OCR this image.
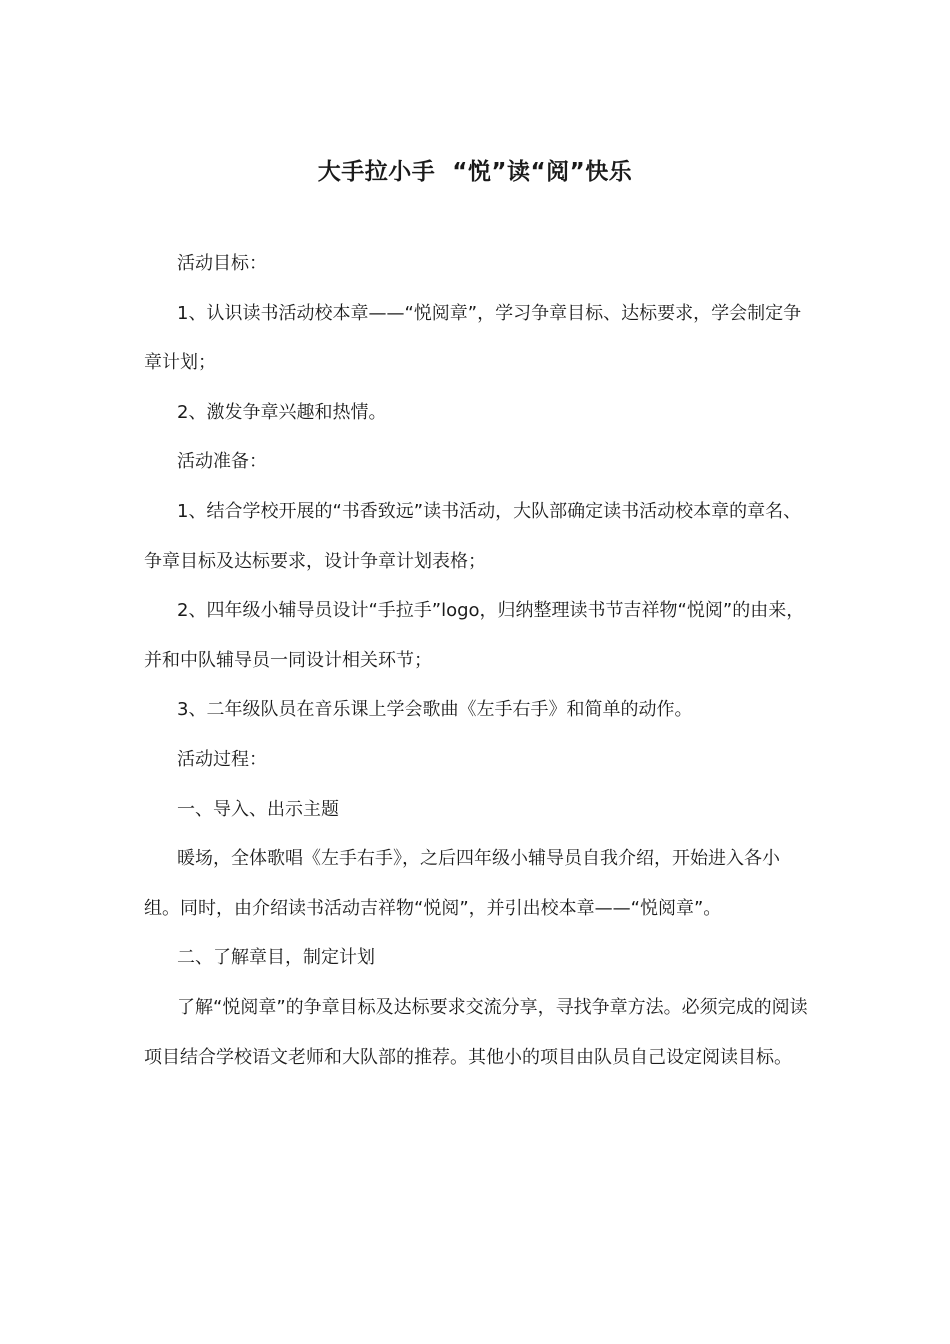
大手拉小手  “悦”读“阅”快乐

活动目标：

1、认识读书活动校本章——“悦阅章”，学习争章目标、达标要求，学会制定争章计划；

2、激发争章兴趣和热情。

活动准备：

1、结合学校开展的“书香致远”读书活动，大队部确定读书活动校本章的章名、争章目标及达标要求，设计争章计划表格；

2、四年级小辅导员设计“手拉手”logo，归纳整理读书节吉祥物“悦阅”的由来，并和中队辅导员一同设计相关环节；

3、二年级队员在音乐课上学会歌曲《左手右手》和简单的动作。

活动过程：

一、导入、出示主题

暖场，全体歌唱《左手右手》，之后四年级小辅导员自我介绍，开始进入各小组。同时，由介绍读书活动吉祥物“悦阅”，并引出校本章——“悦阅章”。

二、了解章目，制定计划

了解“悦阅章”的争章目标及达标要求交流分享，寻找争章方法。必须完成的阅读项目结合学校语文老师和大队部的推荐。其他小的项目由队员自己设定阅读目标。
